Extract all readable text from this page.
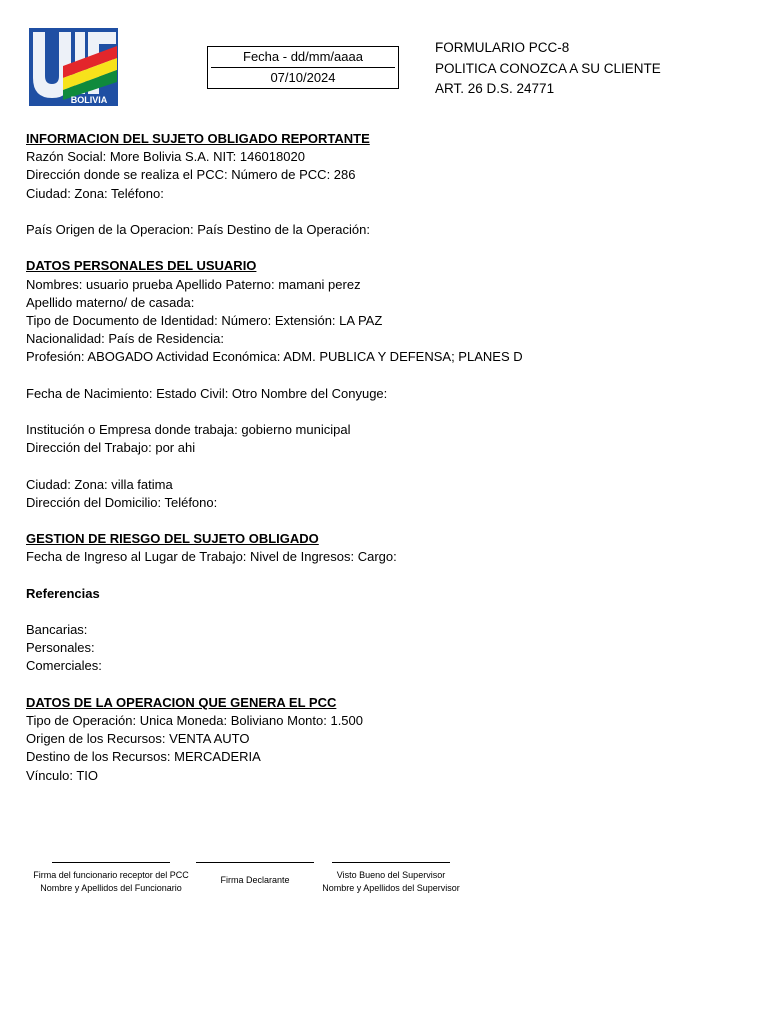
BOLIVIA
Fecha - dd/mm/aaaa
07/10/2024
FORMULARIO PCC-8
POLITICA CONOZCA A SU CLIENTE
ART. 26 D.S. 24771
INFORMACION DEL SUJETO OBLIGADO REPORTANTE
Razón Social: More Bolivia S.A. NIT: 146018020
Dirección donde se realiza el PCC: Número de PCC: 286
Ciudad: Zona: Teléfono:
País Origen de la Operacion: País Destino de la Operación:
DATOS PERSONALES DEL USUARIO
Nombres: usuario prueba Apellido Paterno: mamani perez
Apellido materno/ de casada:
Tipo de Documento de Identidad: Número: Extensión: LA PAZ
Nacionalidad: País de Residencia:
Profesión: ABOGADO Actividad Económica: ADM. PUBLICA Y DEFENSA; PLANES D
Fecha de Nacimiento: Estado Civil: Otro Nombre del Conyuge:
Institución o Empresa donde trabaja: gobierno municipal
Dirección del Trabajo: por ahi
Ciudad: Zona: villa fatima
Dirección del Domicilio: Teléfono:
GESTION DE RIESGO DEL SUJETO OBLIGADO
Fecha de Ingreso al Lugar de Trabajo: Nivel de Ingresos: Cargo:
Referencias
Bancarias:
Personales:
Comerciales:
DATOS DE LA OPERACION QUE GENERA EL PCC
Tipo de Operación: Unica Moneda: Boliviano Monto: 1.500
Origen de los Recursos: VENTA AUTO
Destino de los Recursos: MERCADERIA
Vínculo: TIO
Firma del funcionario receptor del PCC
Nombre y Apellidos del Funcionario
Firma Declarante	Visto Bueno del Supervisor
Nombre y Apellidos del Supervisor
